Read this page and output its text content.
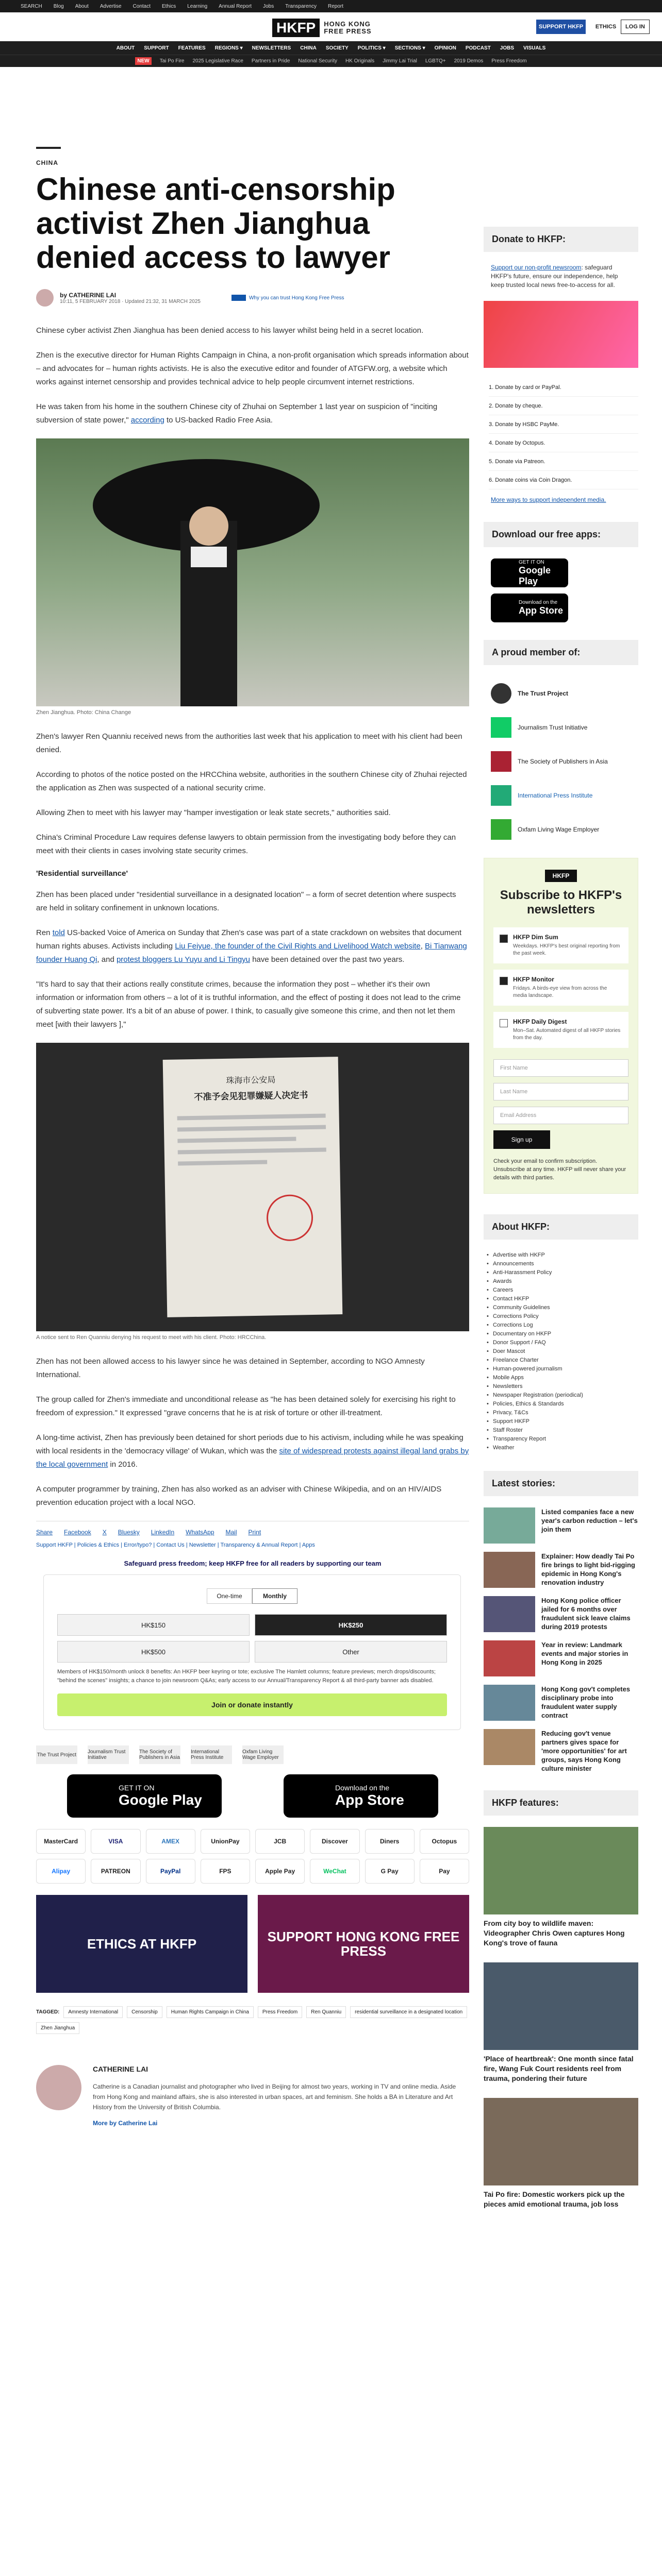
SEARCH Blog About Advertise Contact Ethics Learning Annual Report Jobs Transparency Report
HKFP	HONG KONG
FREE PRESS
SUPPORT HKFP	ETHICS	LOG IN
ABOUT SUPPORT FEATURES REGIONS ▾ NEWSLETTERS CHINA SOCIETY POLITICS ▾ SECTIONS ▾ OPINION PODCAST JOBS VISUALS
NEW	Tai Po Fire 2025 Legislative Race Partners in Pride National Security HK Originals Jimmy Lai Trial LGBTQ+ 2019 Demos Press Freedom
CHINA
Chinese anti-censorship activist Zhen Jianghua denied access to lawyer
by CATHERINE LAI
10:11, 5 FEBRUARY 2018 · Updated 21:32, 31 MARCH 2025
Why you can trust Hong Kong Free Press

Chinese cyber activist Zhen Jianghua has been denied access to his lawyer whilst being held in a secret location.

Zhen is the executive director for Human Rights Campaign in China, a non-profit organisation which spreads information about – and advocates for – human rights activists. He is also the executive editor and founder of ATGFW.org, a website which works against internet censorship and provides technical advice to help people circumvent internet restrictions.

He was taken from his home in the southern Chinese city of Zhuhai on September 1 last year on suspicion of "inciting subversion of state power," according to US-backed Radio Free Asia.

Zhen Jianghua. Photo: China Change

Zhen's lawyer Ren Quanniu received news from the authorities last week that his application to meet with his client had been denied.

According to photos of the notice posted on the HRCChina website, authorities in the southern Chinese city of Zhuhai rejected the application as Zhen was suspected of a national security crime.

Allowing Zhen to meet with his lawyer may "hamper investigation or leak state secrets," authorities said.

China's Criminal Procedure Law requires defense lawyers to obtain permission from the investigating body before they can meet with their clients in cases involving state security crimes.

'Residential surveillance'

Zhen has been placed under "residential surveillance in a designated location" – a form of secret detention where suspects are held in solitary confinement in unknown locations.

Ren told US-backed Voice of America on Sunday that Zhen's case was part of a state crackdown on websites that document human rights abuses. Activists including Liu Feiyue, the founder of the Civil Rights and Livelihood Watch website, Bi Tianwang founder Huang Qi, and protest bloggers Lu Yuyu and Li Tingyu have been detained over the past two years.

"It's hard to say that their actions really constitute crimes, because the information they post – whether it's their own information or information from others – a lot of it is truthful information, and the effect of posting it does not lead to the crime of subverting state power. It's a bit of an abuse of power. I think, to casually give someone this crime, and then not let them meet [with their lawyers ],"

珠海市公安局
不准予会见犯罪嫌疑人决定书
A notice sent to Ren Quanniu denying his request to meet with his client. Photo: HRCChina.

Zhen has not been allowed access to his lawyer since he was detained in September, according to NGO Amnesty International.

The group called for Zhen's immediate and unconditional release as "he has been detained solely for exercising his right to freedom of expression." It expressed "grave concerns that he is at risk of torture or other ill-treatment.

A long-time activist, Zhen has previously been detained for short periods due to his activism, including while he was speaking with local residents in the 'democracy village' of Wukan, which was the site of widespread protests against illegal land grabs by the local government in 2016.

A computer programmer by training, Zhen has also worked as an adviser with Chinese Wikipedia, and on an HIV/AIDS prevention education project with a local NGO.

Share Facebook X Bluesky LinkedIn WhatsApp Mail Print
Support HKFP | Policies & Ethics | Error/typo? | Contact Us | Newsletter | Transparency & Annual Report | Apps
Safeguard press freedom; keep HKFP free for all readers by supporting our team
One-time	Monthly
HK$150	HK$250
HK$500	Other
Members of HK$150/month unlock 8 benefits: An HKFP beer keyring or tote; exclusive The Hamlett columns; feature previews; merch drops/discounts; "behind the scenes" insights; a chance to join newsroom Q&As; early access to our Annual/Transparency Report & all third-party banner ads disabled.
Join or donate instantly
The Trust Project Journalism Trust Initiative
The Society of Publishers in Asia
International Press Institute
Oxfam Living Wage Employer
GET IT ON
Google Play
Download on the
App Store
MasterCard	VISA	AMEX	UnionPay	JCB	Discover	Diners	Octopus
Alipay	PATREON	PayPal	FPS	Apple Pay	WeChat	G Pay	Pay
ETHICS AT HKFP	SUPPORT HONG KONG FREE PRESS
TAGGED:	Amnesty International	Censorship	Human Rights Campaign in China	Press Freedom	Ren Quanniu	residential surveillance in a designated location
Zhen Jianghua
CATHERINE LAI
Catherine is a Canadian journalist and photographer who lived in Beijing for almost two years, working in TV and online media. Aside from Hong Kong and mainland affairs, she is also interested in urban spaces, art and feminism. She holds a BA in Literature and Art History from the University of British Columbia.
More by Catherine Lai
Donate to HKFP:
Support our non-profit newsroom: safeguard HKFP's future, ensure our independence, help keep trusted local news free-to-access for all.
1. Donate by card or PayPal.
2. Donate by cheque.
3. Donate by HSBC PayMe.
4. Donate by Octopus.
5. Donate via Patreon.
6. Donate coins via Coin Dragon.
More ways to support independent media.
Download our free apps:
GET IT ON
Google Play
Download on the
App Store
A proud member of:
The Trust Project
Journalism Trust Initiative
The Society of Publishers in Asia
International Press Institute
Oxfam Living Wage Employer
HKFP
Subscribe to HKFP's newsletters
HKFP Dim Sum
Weekdays. HKFP's best original reporting from the past week.
HKFP Monitor
Fridays. A birds-eye view from across the media landscape.
HKFP Daily Digest
Mon–Sat. Automated digest of all HKFP stories from the day.
First Name
Last Name
Email Address
Sign up
Check your email to confirm subscription. Unsubscribe at any time. HKFP will never share your details with third parties.
About HKFP:
• Advertise with HKFP
• Announcements
• Anti-Harassment Policy
• Awards
• Careers
• Contact HKFP
• Community Guidelines
• Corrections Policy
• Corrections Log
• Documentary on HKFP
• Donor Support / FAQ
• Doer Mascot
• Freelance Charter
• Human-powered journalism
• Mobile Apps
• Newsletters
• Newspaper Registration (periodical)
• Policies, Ethics & Standards
• Privacy, T&Cs
• Support HKFP
• Staff Roster
• Transparency Report
• Weather
Latest stories:
Listed companies face a new year's carbon reduction – let's join them
Explainer: How deadly Tai Po fire brings to light bid-rigging epidemic in Hong Kong's renovation industry
Hong Kong police officer jailed for 6 months over fraudulent sick leave claims during 2019 protests
Year in review: Landmark events and major stories in Hong Kong in 2025
Hong Kong gov't completes disciplinary probe into fraudulent water supply contract
Reducing gov't venue partners gives space for 'more opportunities' for art groups, says Hong Kong culture minister
HKFP features:
From city boy to wildlife maven: Videographer Chris Owen captures Hong Kong's trove of fauna
'Place of heartbreak': One month since fatal fire, Wang Fuk Court residents reel from trauma, pondering their future
Tai Po fire: Domestic workers pick up the pieces amid emotional trauma, job loss
